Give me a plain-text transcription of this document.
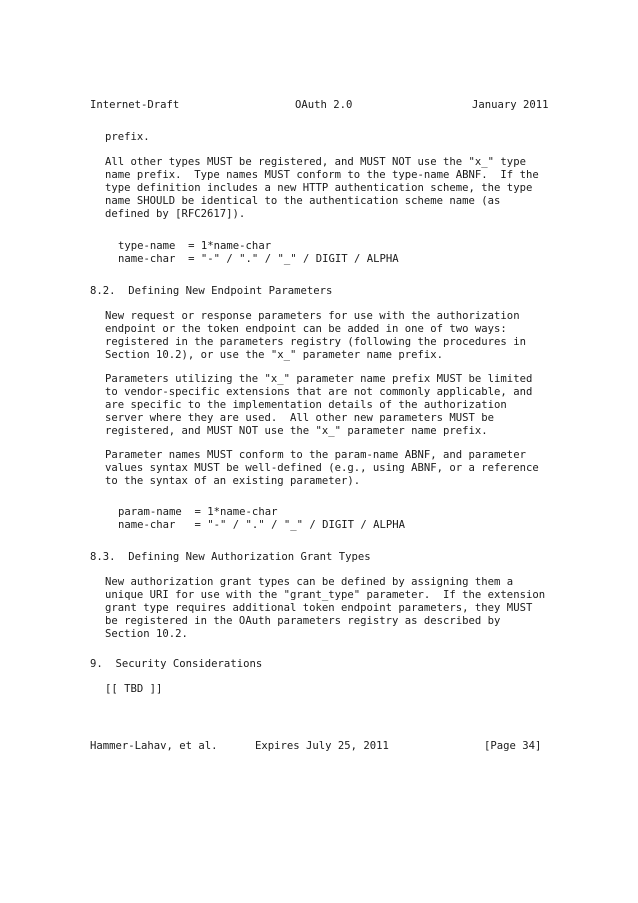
Internet-Draft	OAuth 2.0	January 2011
prefix.
All other types MUST be registered, and MUST NOT use the "x_" type
name prefix.  Type names MUST conform to the type-name ABNF.  If the
type definition includes a new HTTP authentication scheme, the type
name SHOULD be identical to the authentication scheme name (as
defined by [RFC2617]).
type-name  = 1*name-char
name-char  = "-" / "." / "_" / DIGIT / ALPHA
8.2.  Defining New Endpoint Parameters
New request or response parameters for use with the authorization
endpoint or the token endpoint can be added in one of two ways:
registered in the parameters registry (following the procedures in
Section 10.2), or use the "x_" parameter name prefix.
Parameters utilizing the "x_" parameter name prefix MUST be limited
to vendor-specific extensions that are not commonly applicable, and
are specific to the implementation details of the authorization
server where they are used.  All other new parameters MUST be
registered, and MUST NOT use the "x_" parameter name prefix.
Parameter names MUST conform to the param-name ABNF, and parameter
values syntax MUST be well-defined (e.g., using ABNF, or a reference
to the syntax of an existing parameter).
param-name  = 1*name-char
name-char   = "-" / "." / "_" / DIGIT / ALPHA
8.3.  Defining New Authorization Grant Types
New authorization grant types can be defined by assigning them a
unique URI for use with the "grant_type" parameter.  If the extension
grant type requires additional token endpoint parameters, they MUST
be registered in the OAuth parameters registry as described by
Section 10.2.
9.  Security Considerations
[[ TBD ]]
Hammer-Lahav, et al.	Expires July 25, 2011	[Page 34]
